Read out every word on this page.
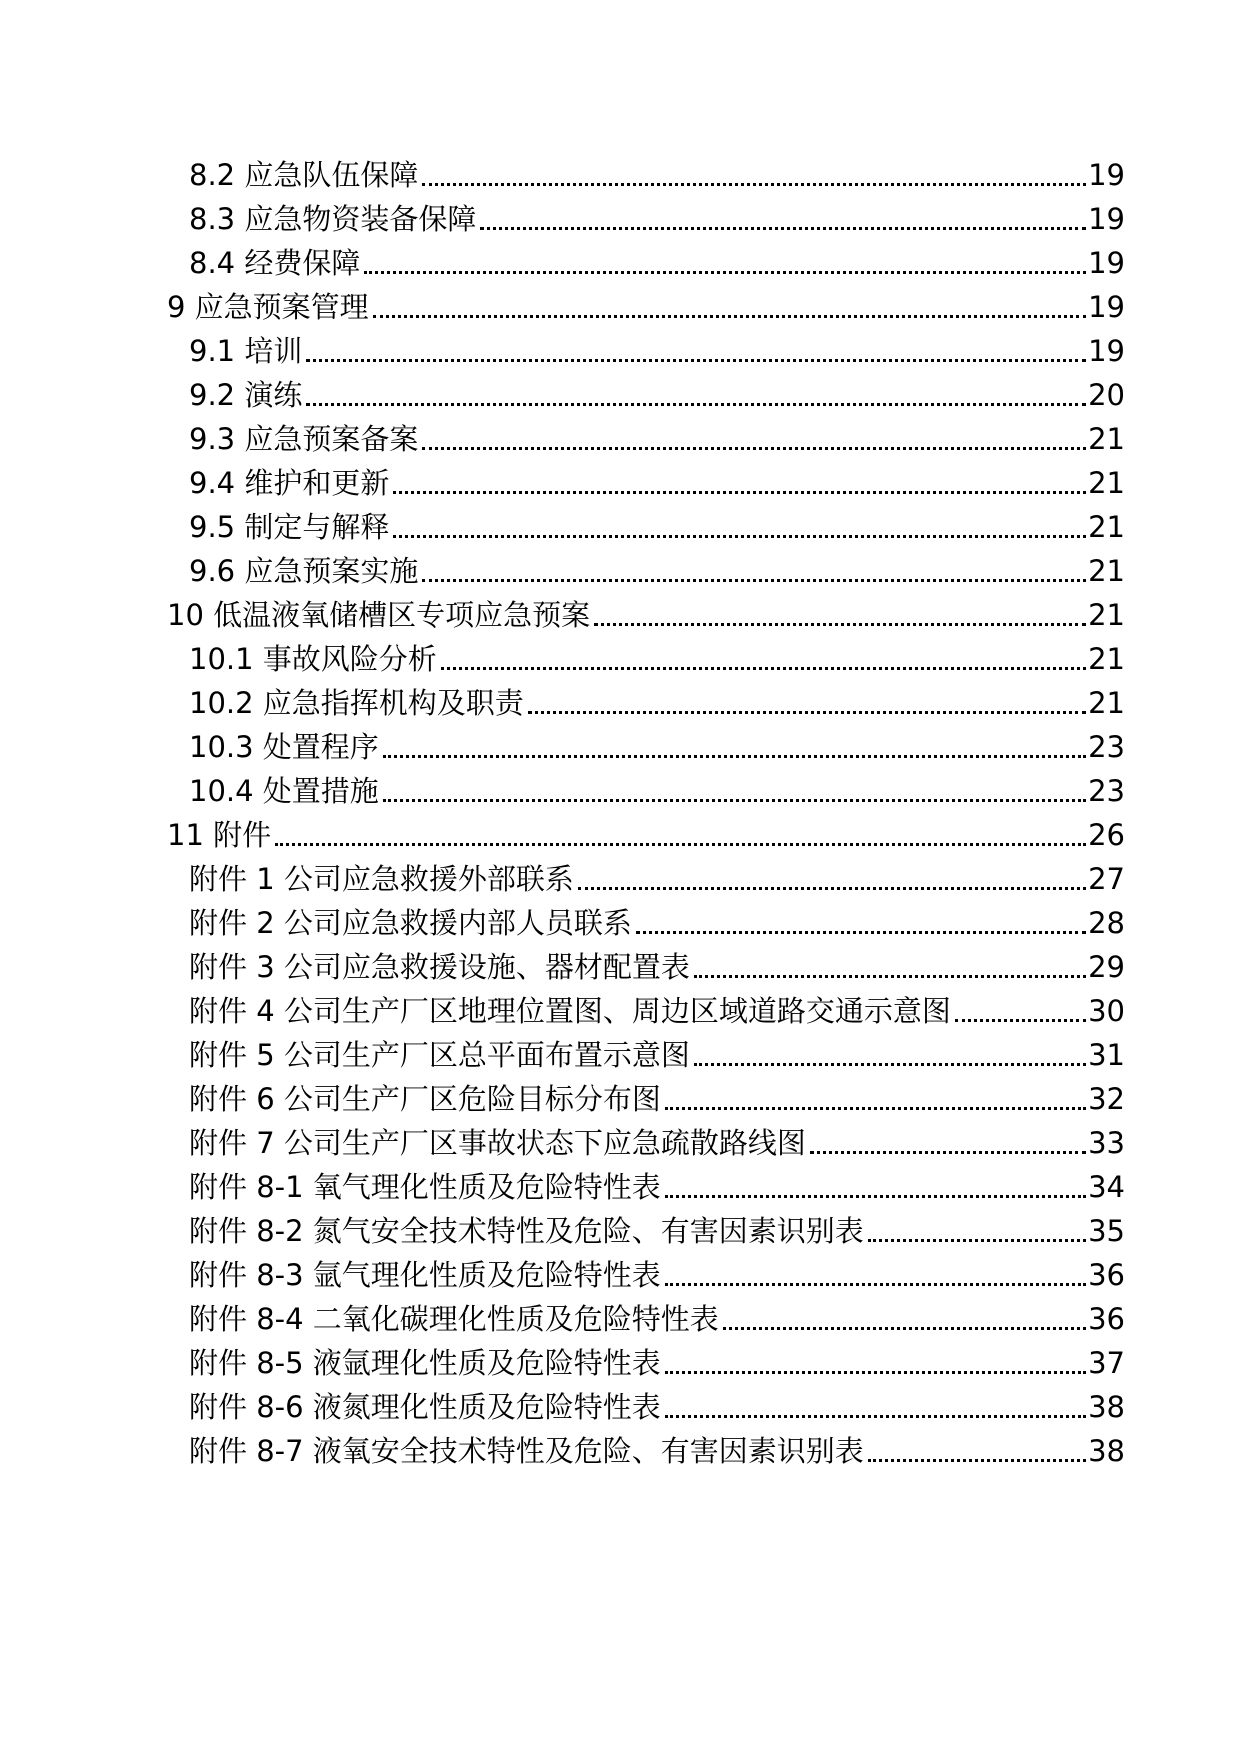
8.2 应急队伍保障	19
8.3 应急物资装备保障	19
8.4 经费保障	19
9 应急预案管理	19
9.1 培训	19
9.2 演练	20
9.3 应急预案备案	21
9.4 维护和更新	21
9.5 制定与解释	21
9.6 应急预案实施	21
10 低温液氧储槽区专项应急预案	21
10.1 事故风险分析	21
10.2 应急指挥机构及职责	21
10.3 处置程序	23
10.4 处置措施	23
11 附件	26
附件 1 公司应急救援外部联系	27
附件 2 公司应急救援内部人员联系	28
附件 3 公司应急救援设施、器材配置表	29
附件 4 公司生产厂区地理位置图、周边区域道路交通示意图	30
附件 5 公司生产厂区总平面布置示意图	31
附件 6 公司生产厂区危险目标分布图	32
附件 7 公司生产厂区事故状态下应急疏散路线图	33
附件 8-1 氧气理化性质及危险特性表	34
附件 8-2 氮气安全技术特性及危险、有害因素识别表	35
附件 8-3 氩气理化性质及危险特性表	36
附件 8-4 二氧化碳理化性质及危险特性表	36
附件 8-5 液氩理化性质及危险特性表	37
附件 8-6 液氮理化性质及危险特性表	38
附件 8-7 液氧安全技术特性及危险、有害因素识别表	38
